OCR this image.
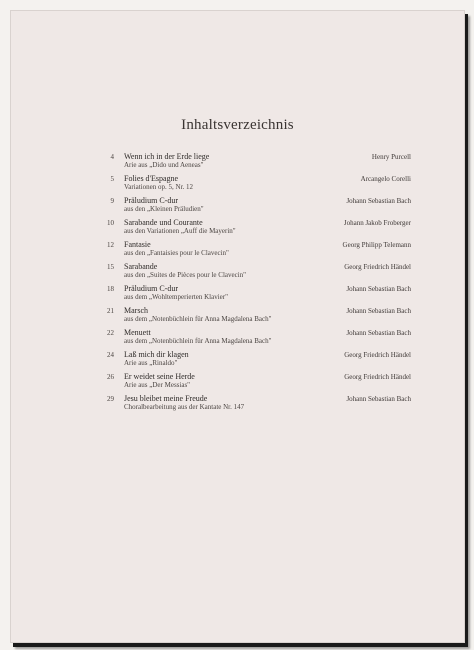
Inhaltsverzeichnis
4 Wenn ich in der Erde liege
Arie aus „Dido und Aeneas"
Henry Purcell
5 Folies d'Espagne
Variationen op. 5, Nr. 12
Arcangelo Corelli
9 Präludium C-dur
aus den „Kleinen Präludien"
Johann Sebastian Bach
10 Sarabande und Courante
aus den Variationen „Auff die Mayerin"
Johann Jakob Froberger
12 Fantasie
aus den „Fantaisies pour le Clavecin"
Georg Philipp Telemann
15 Sarabande
aus den „Suites de Pièces pour le Clavecin"
Georg Friedrich Händel
18 Präludium C-dur
aus dem „Wohltemperierten Klavier"
Johann Sebastian Bach
21 Marsch
aus dem „Notenbüchlein für Anna Magdalena Bach"
Johann Sebastian Bach
22 Menuett
aus dem „Notenbüchlein für Anna Magdalena Bach"
Johann Sebastian Bach
24 Laß mich dir klagen
Arie aus „Rinaldo"
Georg Friedrich Händel
26 Er weidet seine Herde
Arie aus „Der Messias"
Georg Friedrich Händel
29 Jesu bleibet meine Freude
Choralbearbeitung aus der Kantate Nr. 147
Johann Sebastian Bach
